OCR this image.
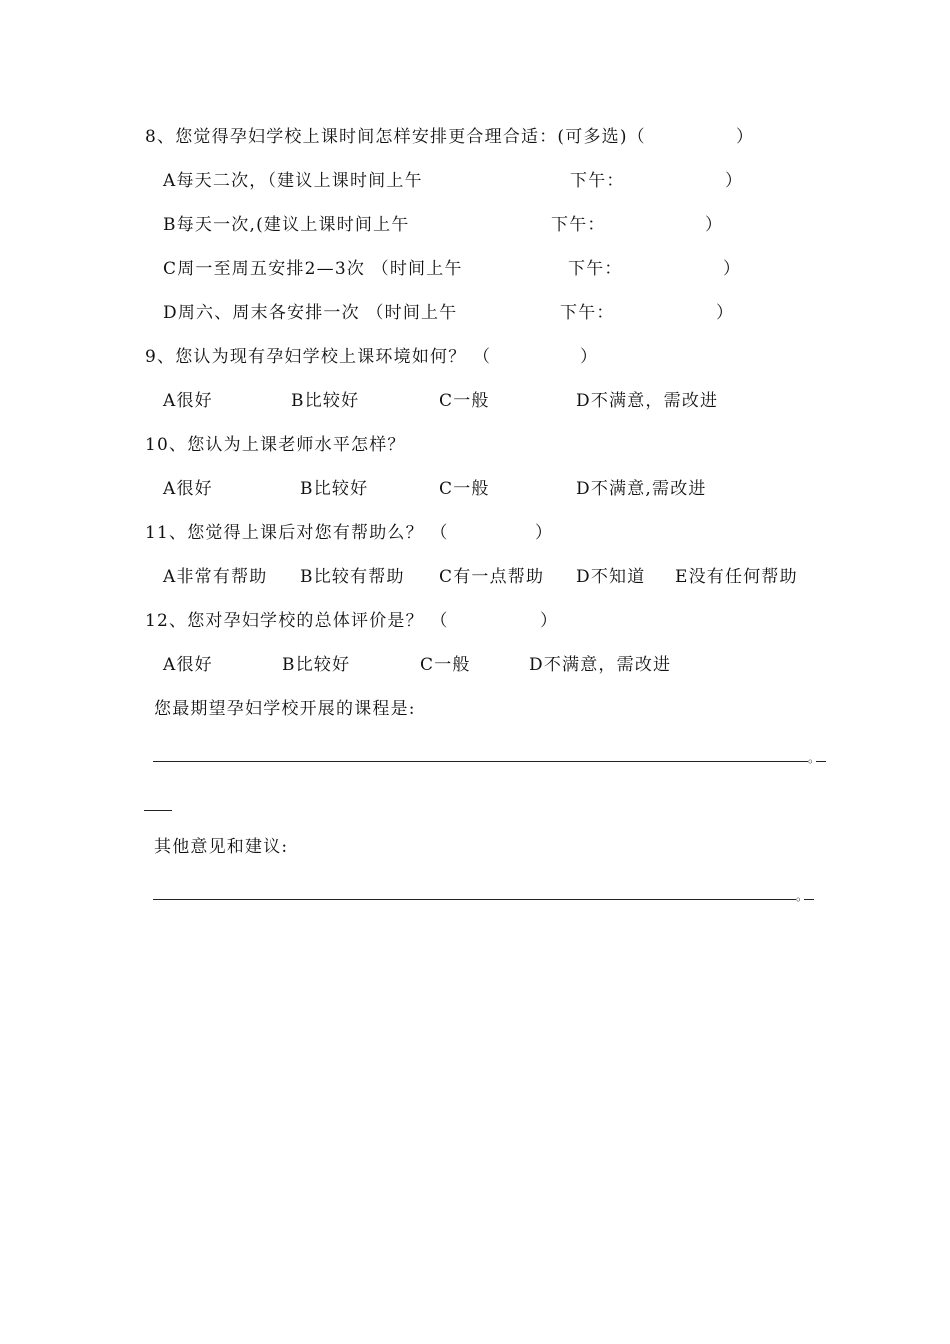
8、您觉得孕妇学校上课时间怎样安排更合理合适：(可多选)（	）
A每天二次，（建议上课时间上午	下午：	）
B每天一次,(建议上课时间上午	下午：	）
C周一至周五安排2—3次 （时间上午	下午：	）
D周六、周末各安排一次 （时间上午	下午：	）
9、您认为现有孕妇学校上课环境如何？ （	）
A很好	B比较好	C一般	D不满意，需改进
10、您认为上课老师水平怎样？
A很好	B比较好	C一般	D不满意,需改进
11、您觉得上课后对您有帮助么？ （	）
A非常有帮助 B比较有帮助 C有一点帮助 D不知道 E没有任何帮助
12、您对孕妇学校的总体评价是？ （	）
A很好	B比较好	C一般	D不满意，需改进
您最期望孕妇学校开展的课程是:
。
其他意见和建议:
。
